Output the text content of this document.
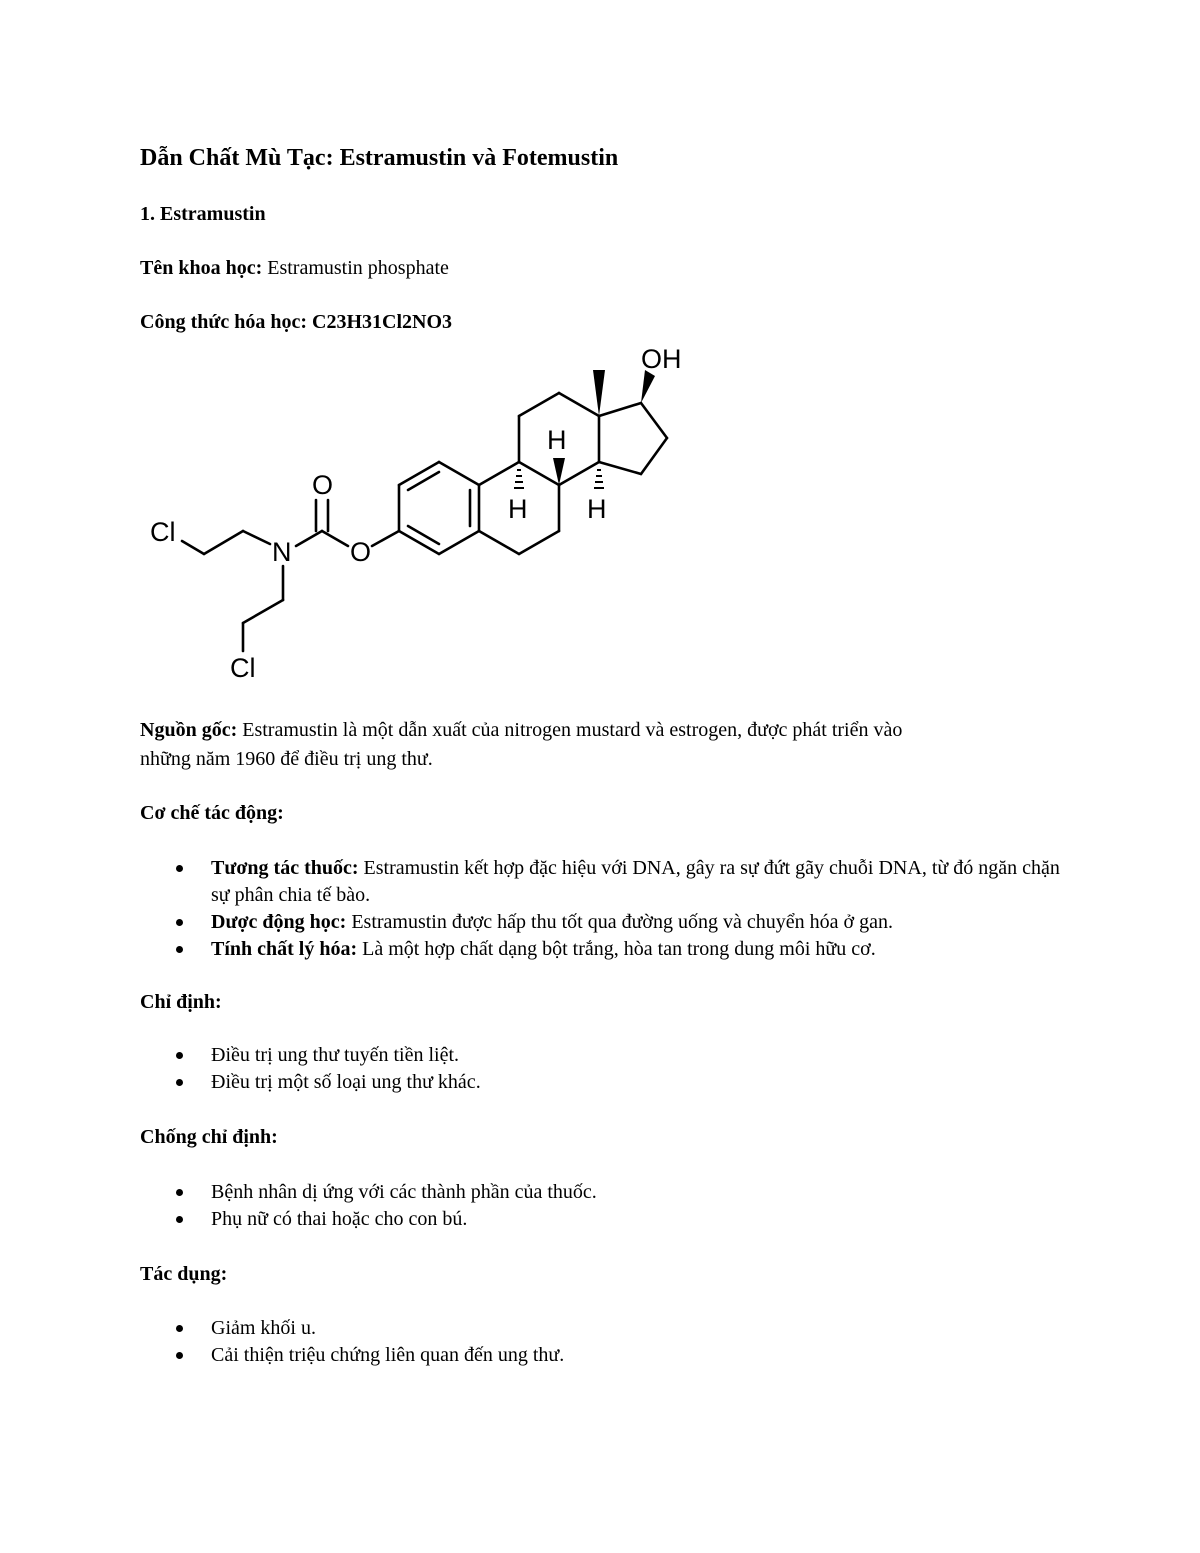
Dẫn Chất Mù Tạc: Estramustin và Fotemustin

1. Estramustin

Tên khoa học: Estramustin phosphate

Công thức hóa học: C23H31Cl2NO3

OH
O
O
N
Cl
Cl
H
H H

Nguồn gốc: Estramustin là một dẫn xuất của nitrogen mustard và estrogen, được phát triển vào

những năm 1960 để điều trị ung thư.

Cơ chế tác động:

Tương tác thuốc: Estramustin kết hợp đặc hiệu với DNA, gây ra sự đứt gãy chuỗi DNA, từ đó ngăn chặn sự phân chia tế bào.
Dược động học: Estramustin được hấp thu tốt qua đường uống và chuyển hóa ở gan.
Tính chất lý hóa: Là một hợp chất dạng bột trắng, hòa tan trong dung môi hữu cơ.

Chỉ định:

Điều trị ung thư tuyến tiền liệt.
Điều trị một số loại ung thư khác.

Chống chỉ định:

Bệnh nhân dị ứng với các thành phần của thuốc.
Phụ nữ có thai hoặc cho con bú.

Tác dụng:

Giảm khối u.
Cải thiện triệu chứng liên quan đến ung thư.
